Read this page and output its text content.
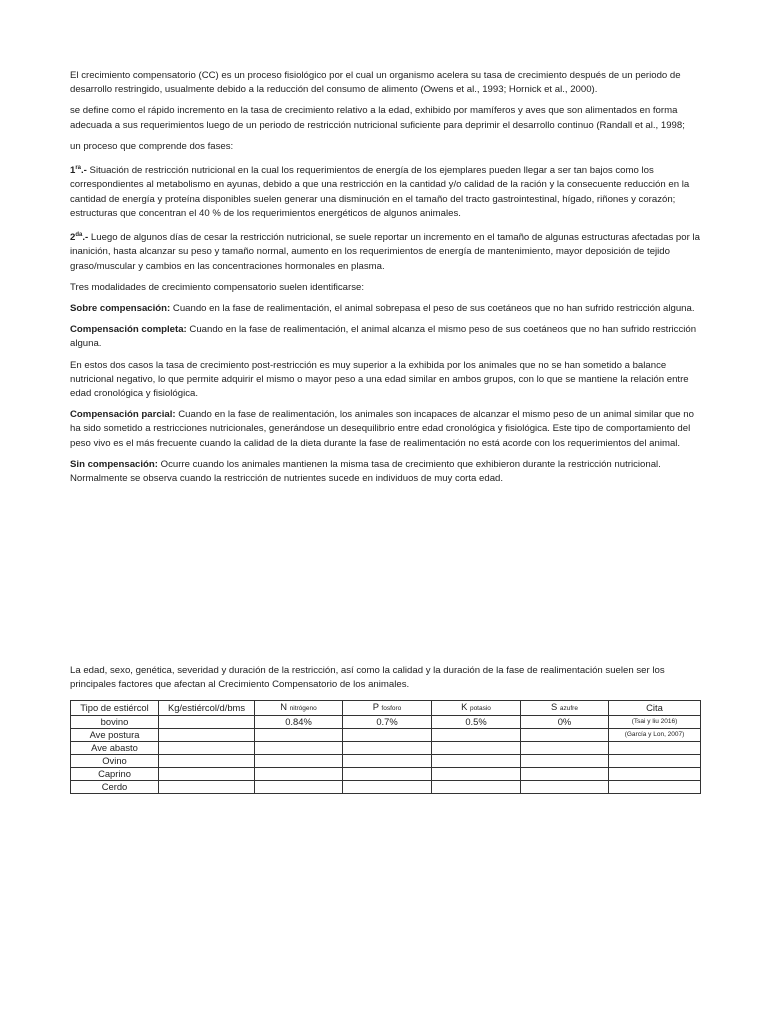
El crecimiento compensatorio (CC) es un proceso fisiológico por el cual un organismo acelera su tasa de crecimiento después de un periodo de desarrollo restringido, usualmente debido a la reducción del consumo de alimento (Owens et al., 1993; Hornick et al., 2000).

se define como el rápido incremento en la tasa de crecimiento relativo a la edad, exhibido por mamíferos y aves que son alimentados en forma adecuada a sus requerimientos luego de un periodo de restricción nutricional suficiente para deprimir el desarrollo continuo (Randall et al., 1998;

un proceso que comprende dos fases:

$1^{ra}.-$ Situación de restricción nutricional en la cual los requerimientos de energía de los ejemplares pueden llegar a ser tan bajos como los correspondientes al metabolismo en ayunas, debido a que una restricción en la cantidad y/o calidad de la ración y la consecuente reducción en la cantidad de energía y proteína disponibles suelen generar una disminución en el tamaño del tracto gastrointestinal, hígado, riñones y corazón; estructuras que concentran el 40 % de los requerimientos energéticos de algunos animales.

$2^{da}.-$ Luego de algunos días de cesar la restricción nutricional, se suele reportar un incremento en el tamaño de algunas estructuras afectadas por la inanición, hasta alcanzar su peso y tamaño normal, aumento en los requerimientos de energía de mantenimiento, mayor deposición de tejido graso/muscular y cambios en las concentraciones hormonales en plasma.

Tres modalidades de crecimiento compensatorio suelen identificarse:

Sobre compensación: Cuando en la fase de realimentación, el animal sobrepasa el peso de sus coetáneos que no han sufrido restricción alguna.

Compensación completa: Cuando en la fase de realimentación, el animal alcanza el mismo peso de sus coetáneos que no han sufrido restricción alguna.

En estos dos casos la tasa de crecimiento post-restricción es muy superior a la exhibida por los animales que no se han sometido a balance nutricional negativo, lo que permite adquirir el mismo o mayor peso a una edad similar en ambos grupos, con lo que se mantiene la relación entre edad cronológica y fisiológica.

Compensación parcial: Cuando en la fase de realimentación, los animales son incapaces de alcanzar el mismo peso de un animal similar que no ha sido sometido a restricciones nutricionales, generándose un desequilibrio entre edad cronológica y fisiológica. Este tipo de comportamiento del peso vivo es el más frecuente cuando la calidad de la dieta durante la fase de realimentación no está acorde con los requerimientos del animal.

Sin compensación: Ocurre cuando los animales mantienen la misma tasa de crecimiento que exhibieron durante la restricción nutricional. Normalmente se observa cuando la restricción de nutrientes sucede en individuos de muy corta edad.

La edad, sexo, genética, severidad y duración de la restricción, así como la calidad y la duración de la fase de realimentación suelen ser los principales factores que afectan al Crecimiento Compensatorio de los animales.

Tipo de estiércol	Kg/estiércol/d/bms	N nitrógeno	P fosforo	K potasio	S azufre	Cita
bovino		0.84%	0.7%	0.5%	0%	(Tsai y liu 2016)
Ave postura						(García y Lon, 2007)
Ave abasto						
Ovino						
Caprino						
Cerdo						
